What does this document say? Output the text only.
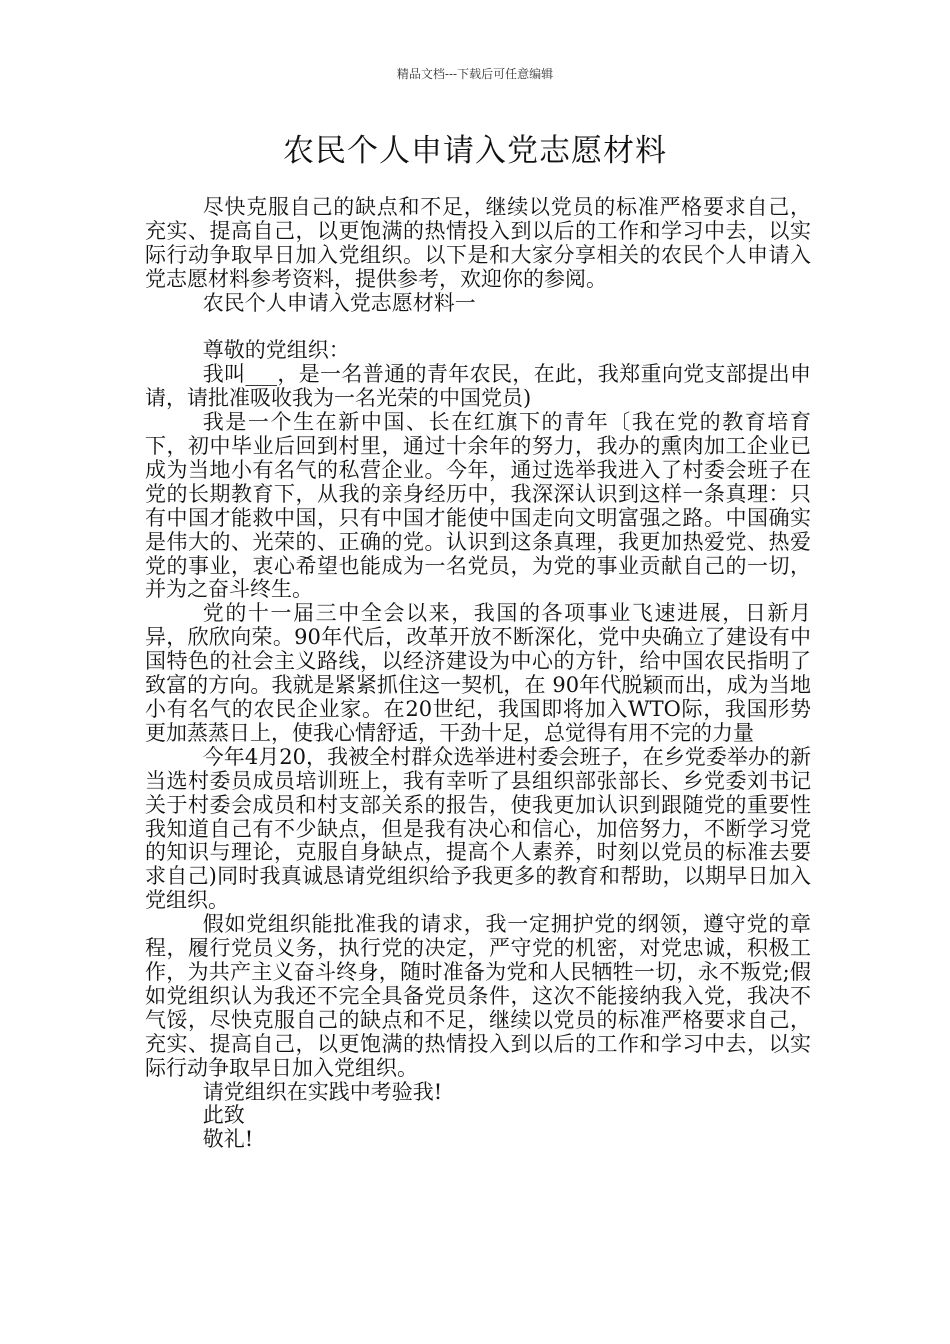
精品文档---下载后可任意编辑
农民个人申请入党志愿材料

尽快克服自己的缺点和不足，继续以党员的标准严格要求自己，充实、提高自己，以更饱满的热情投入到以后的工作和学习中去，以实际行动争取早日加入党组织。以下是和大家分享相关的农民个人申请入党志愿材料参考资料，提供参考，欢迎你的参阅。

农民个人申请入党志愿材料一

尊敬的党组织：

我叫___，是一名普通的青年农民，在此，我郑重向党支部提出申请，请批准吸收我为一名光荣的中国党员)

我是一个生在新中国、长在红旗下的青年〔我在党的教育培育下，初中毕业后回到村里，通过十余年的努力，我办的熏肉加工企业已成为当地小有名气的私营企业。今年，通过选举我进入了村委会班子在党的长期教育下，从我的亲身经历中，我深深认识到这样一条真理：只有中国才能救中国，只有中国才能使中国走向文明富强之路。中国确实是伟大的、光荣的、正确的党。认识到这条真理，我更加热爱党、热爱党的事业，衷心希望也能成为一名党员，为党的事业贡献自己的一切，并为之奋斗终生。

党的十一届三中全会以来，我国的各项事业飞速进展，日新月异，欣欣向荣。90年代后，改革开放不断深化，党中央确立了建设有中国特色的社会主义路线，以经济建设为中心的方针，给中国农民指明了致富的方向。我就是紧紧抓住这一契机，在 90年代脱颖而出，成为当地小有名气的农民企业家。在20世纪，我国即将加入WTO际，我国形势更加蒸蒸日上，使我心情舒适，干劲十足，总觉得有用不完的力量

今年4月20，我被全村群众选举进村委会班子，在乡党委举办的新当选村委员成员培训班上，我有幸听了县组织部张部长、乡党委刘书记关于村委会成员和村支部关系的报告，使我更加认识到跟随党的重要性我知道自己有不少缺点，但是我有决心和信心，加倍努力，不断学习党的知识与理论，克服自身缺点，提高个人素养，时刻以党员的标准去要求自己)同时我真诚恳请党组织给予我更多的教育和帮助，以期早日加入党组织。

假如党组织能批准我的请求，我一定拥护党的纲领，遵守党的章程，履行党员义务，执行党的决定，严守党的机密，对党忠诚，积极工作，为共产主义奋斗终身，随时准备为党和人民牺牲一切，永不叛党;假如党组织认为我还不完全具备党员条件，这次不能接纳我入党，我决不气馁，尽快克服自己的缺点和不足，继续以党员的标准严格要求自己，充实、提高自己，以更饱满的热情投入到以后的工作和学习中去，以实际行动争取早日加入党组织。

请党组织在实践中考验我!

此致

敬礼!
